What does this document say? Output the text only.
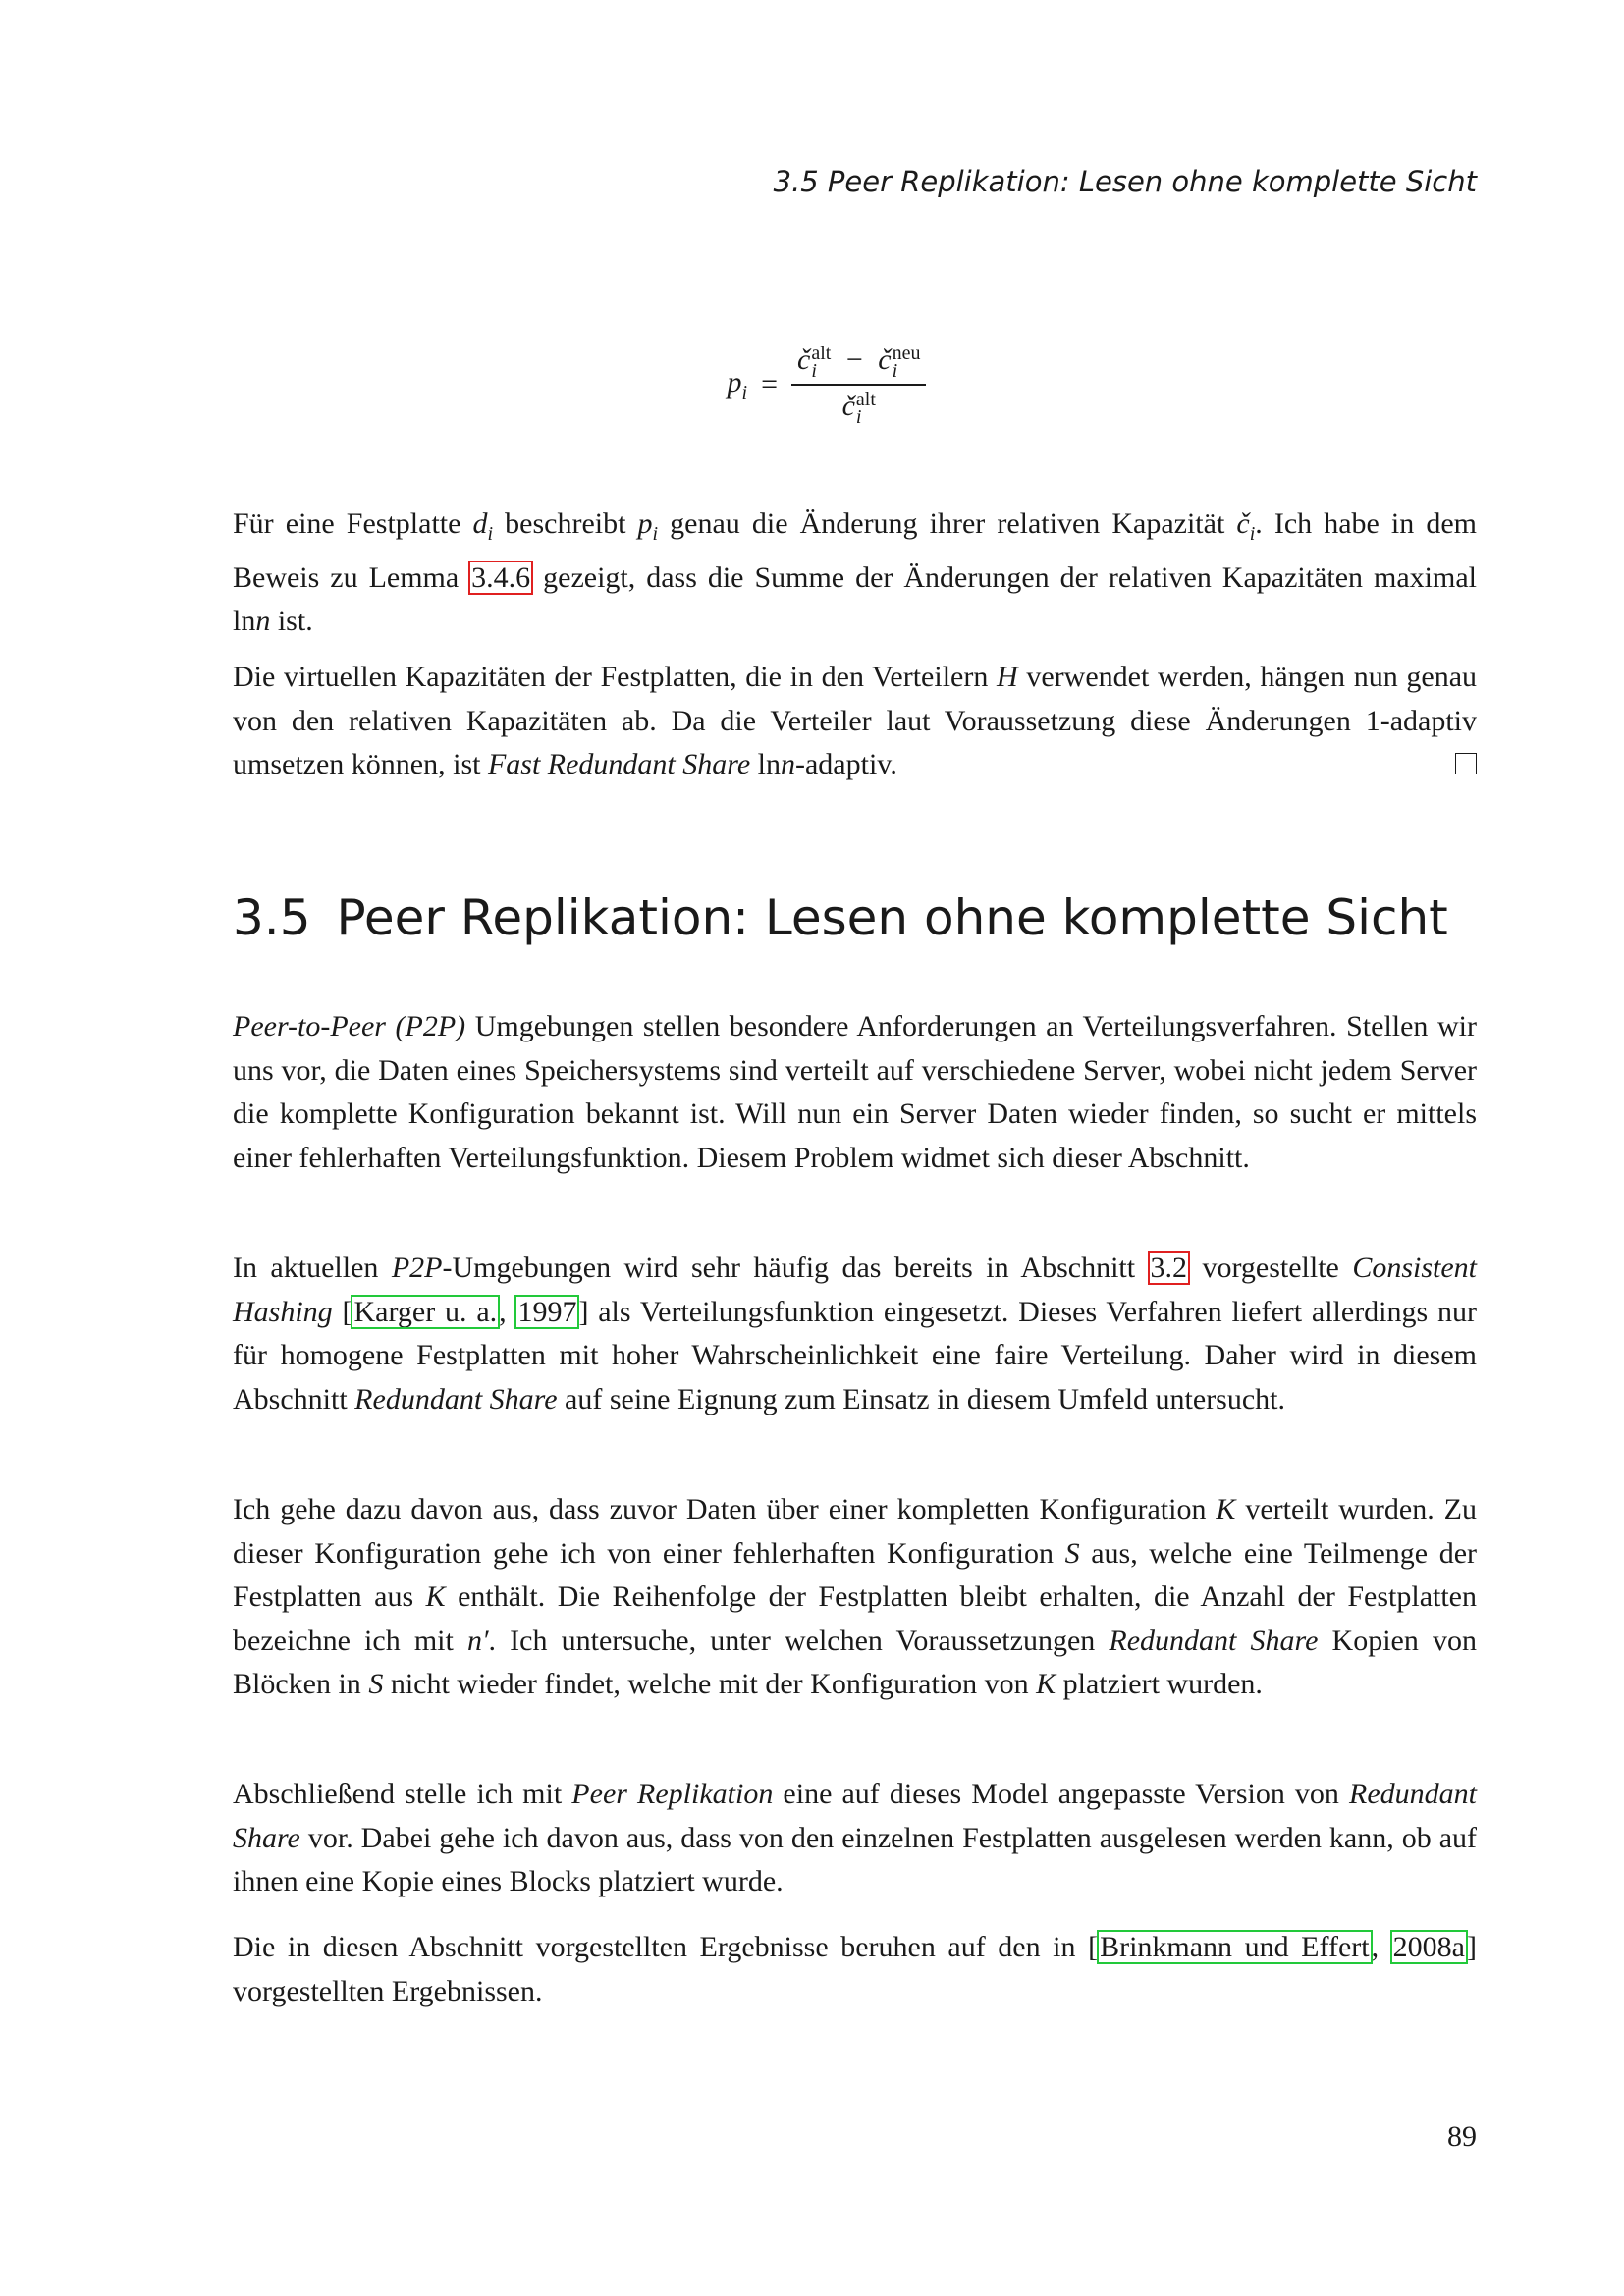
3.5 Peer Replikation: Lesen ohne komplette Sicht
$p_i$ = č alt
i − č neu
i
č alt
i

Für eine Festplatte $d_i$ beschreibt $p_i$ genau die Änderung ihrer relativen Kapazität $č_i$. Ich habe in dem Beweis zu Lemma 3.4.6 gezeigt, dass die Summe der Änderungen der relativen Kapazitäten maximal lnn ist.

Die virtuellen Kapazitäten der Festplatten, die in den Verteilern H verwendet werden, hängen nun genau von den relativen Kapazitäten ab. Da die Verteiler laut Voraussetzung diese Änderungen 1-adaptiv umsetzen können, ist Fast Redundant Share lnn-adaptiv.

3.5 Peer Replikation: Lesen ohne komplette Sicht

Peer-to-Peer (P2P) Umgebungen stellen besondere Anforderungen an Verteilungsverfahren. Stellen wir uns vor, die Daten eines Speichersystems sind verteilt auf verschiedene Server, wobei nicht jedem Server die komplette Konfiguration bekannt ist. Will nun ein Server Daten wieder finden, so sucht er mittels einer fehlerhaften Verteilungsfunktion. Diesem Problem widmet sich dieser Abschnitt.

In aktuellen P2P-Umgebungen wird sehr häufig das bereits in Abschnitt 3.2 vorgestellte Consistent Hashing [Karger u. a., 1997] als Verteilungsfunktion eingesetzt. Dieses Verfahren liefert allerdings nur für homogene Festplatten mit hoher Wahrscheinlichkeit eine faire Verteilung. Daher wird in diesem Abschnitt Redundant Share auf seine Eignung zum Einsatz in diesem Umfeld untersucht.

Ich gehe dazu davon aus, dass zuvor Daten über einer kompletten Konfiguration K verteilt wurden. Zu dieser Konfiguration gehe ich von einer fehlerhaften Konfiguration S aus, welche eine Teilmenge der Festplatten aus K enthält. Die Reihenfolge der Festplatten bleibt erhalten, die Anzahl der Festplatten bezeichne ich mit n′. Ich untersuche, unter welchen Voraussetzungen Redundant Share Kopien von Blöcken in S nicht wieder findet, welche mit der Konfiguration von K platziert wurden.

Abschließend stelle ich mit Peer Replikation eine auf dieses Model angepasste Version von Redundant Share vor. Dabei gehe ich davon aus, dass von den einzelnen Festplatten ausgelesen werden kann, ob auf ihnen eine Kopie eines Blocks platziert wurde.

Die in diesen Abschnitt vorgestellten Ergebnisse beruhen auf den in [Brinkmann und Effert, 2008a] vorgestellten Ergebnissen.

89
